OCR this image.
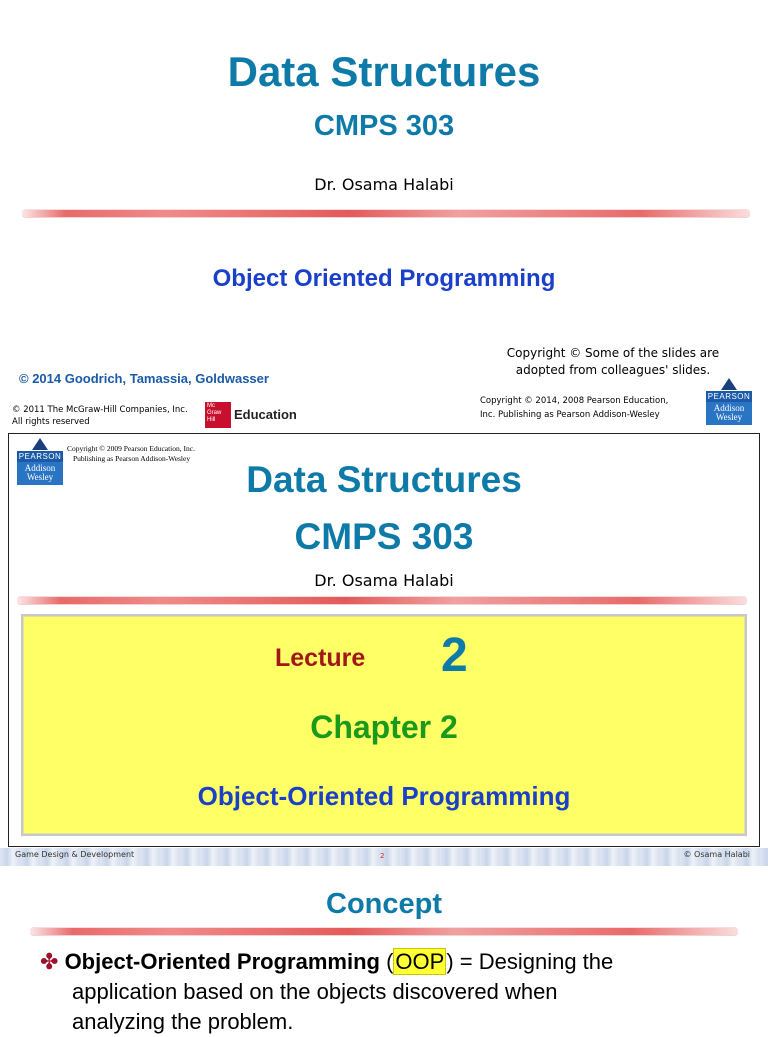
Data Structures
CMPS 303
Dr. Osama Halabi
Object Oriented Programming
Copyright © Some of the slides are
adopted from colleagues' slides.
© 2014 Goodrich, Tamassia, Goldwasser
© 2011 The McGraw-Hill Companies, Inc.
All rights reserved
Mc Graw Hill	Education
Copyright © 2014, 2008 Pearson Education,
Inc. Publishing as Pearson Addison-Wesley
PEARSON
Addison
Wesley
PEARSON
Addison
Wesley
Copyright © 2009 Pearson Education, Inc.
Publishing as Pearson Addison-Wesley
Data Structures
CMPS 303
Dr. Osama Halabi
Lecture 2
Chapter 2
Object-Oriented Programming
Game Design & Development	2	© Osama Halabi
Concept
✤ Object-Oriented Programming (OOP) = Designing the
application based on the objects discovered when
analyzing the problem.
